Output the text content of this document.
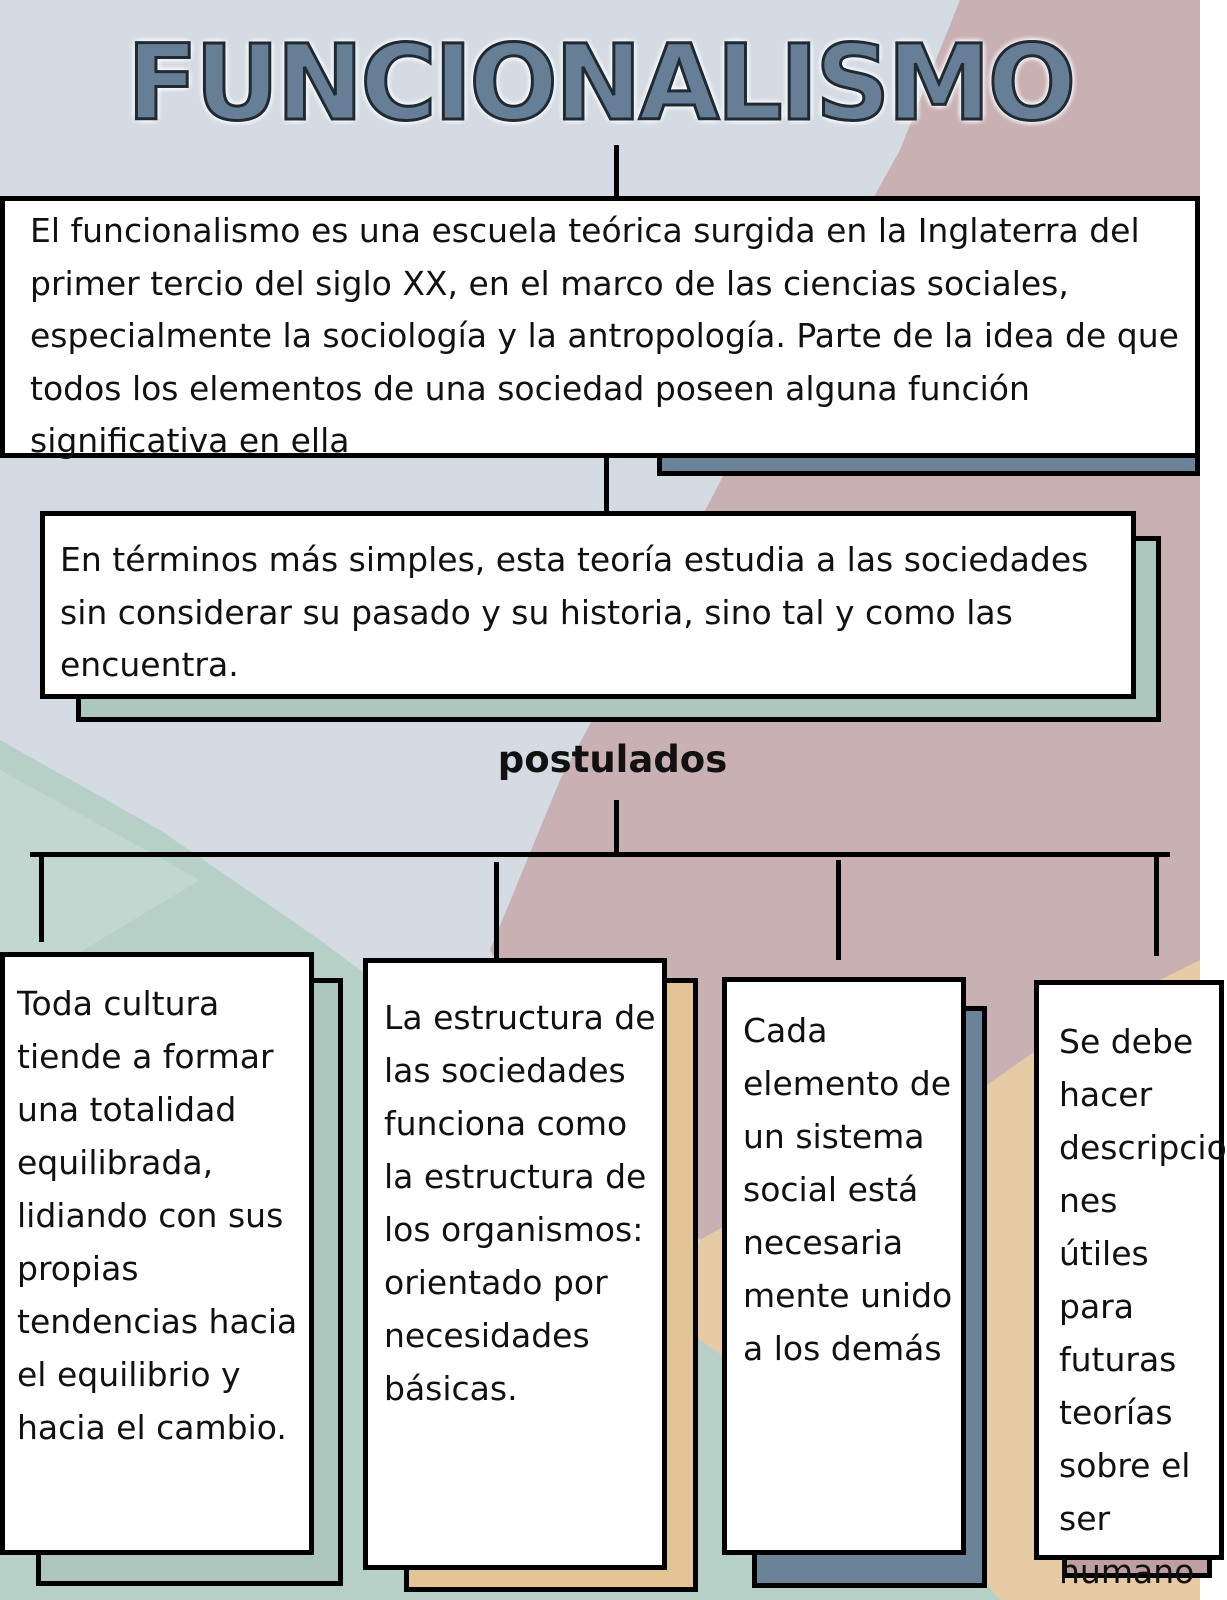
FUNCIONALISMO
El funcionalismo es una escuela teórica surgida en la Inglaterra del primer tercio del siglo XX, en el marco de las ciencias sociales, especialmente la sociología y la antropología. Parte de la idea de que todos los elementos de una sociedad poseen alguna función significativa en ella
En términos más simples, esta teoría estudia a las sociedades sin considerar su pasado y su historia, sino tal y como las encuentra.
postulados
Toda cultura tiende a formar una totalidad equilibrada, lidiando con sus propias tendencias hacia el equilibrio y hacia el cambio.
La estructura de las sociedades funciona como la estructura de los organismos: orientado por necesidades básicas.
Cada elemento de un sistema social está necesaria mente unido a los demás
Se debe hacer descripcio nes útiles para futuras teorías sobre el ser humano
